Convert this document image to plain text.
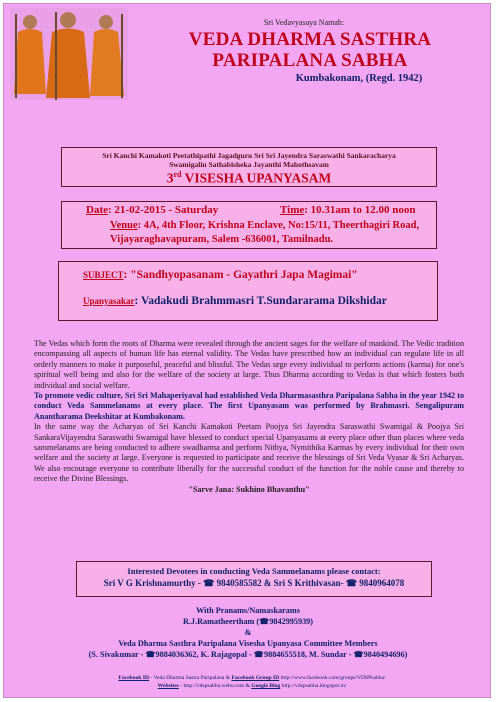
Sri Vedavyasaya Namah:
VEDA DHARMA SASTHRA
PARIPALANA SABHA
Kumbakonam, (Regd. 1942)
Sri Kanchi Kamakoti Peetathipathi Jagadguru Sri Sri Jayendra Saraswathi Sankaracharya
Swamigalin Sathabisheka Jayanthi Mahothsavam
3rd VISESHA UPANYASAM
Date: 21-02-2015 - Saturday	Time: 10.31am to 12.00 noon
Venue: 4A, 4th Floor, Krishna Enclave, No:15/11, Theerthagiri Road,
Vijayaraghavapuram, Salem -636001, Tamilnadu.
SUBJECT: "Sandhyopasanam - Gayathri Japa Magimai"
Upanyasakar: Vadakudi Brahmmasri T.Sundararama Dikshidar

The Vedas which form the roots of Dharma were revealed through the ancient sages for the welfare of mankind. The Vedic tradition encompassing all aspects of human life has eternal validity. The Vedas have prescribed how an individual can regulate life in all orderly manners to make it purposeful, peaceful and blissful. The Vedas urge every individual to perform actions (karma) for one's spiritual well being and also for the welfare of the society at large. Thus Dharma according to Vedas is that which fosters both individual and social welfare.

To promote vedic culture, Sri Sri Mahaperiyaval had established Veda Dharmasasthra Paripalana Sabha in the year 1942 to conduct Veda Sammelanams at every place. The first Upanyasam was performed by Brahmasri. Sengalipuram Anantharama Deekshitar at Kumbakonam.

In the same way the Acharyas of Sri Kanchi Kamakoti Peetam Poojya Sri Jayendra Saraswathi Swamigal & Poojya Sri SankaraVijayendra Saraswathi Swamigal have blessed to conduct special Upanyasams at every place other than places where veda sammelanams are being conducted to adhere swadharma and perform Nithya, Nymithika Karmas by every individual for their own welfare and the society at large. Everyone is requested to participate and receive the blessings of Sri Veda Vyasar & Sri Acharyas. We also encourage everyone to contribute liberally for the successful conduct of the function for the noble cause and thereby to receive the Divine Blessings.

"Sarve Jana: Sukhino Bhavanthu"

Interested Devotees in conducting Veda Sammelanams please contact:
Sri V G Krishnamurthy - ☎ 9840585582 & Sri S Krithivasan- ☎ 9840964078
With Pranams/Namaskarams
R.J.Ramatheertham (☎9842995939)
&
Veda Dharma Sasthra Paripalana Visesha Upanyasa Committee Members
(S. Sivakumar - ☎9884036362, K. Rajagopal - ☎9884655518, M. Sundar - ☎9840494696)
Facebook ID - Veda Dharma Sastra Paripalana & Facebook Group ID http://www.facebook.com/groups/VDSPsabha/
Websites - http://vdspsabha.webs.com & Google Blog http://vdspsabha.blogspot.in/
